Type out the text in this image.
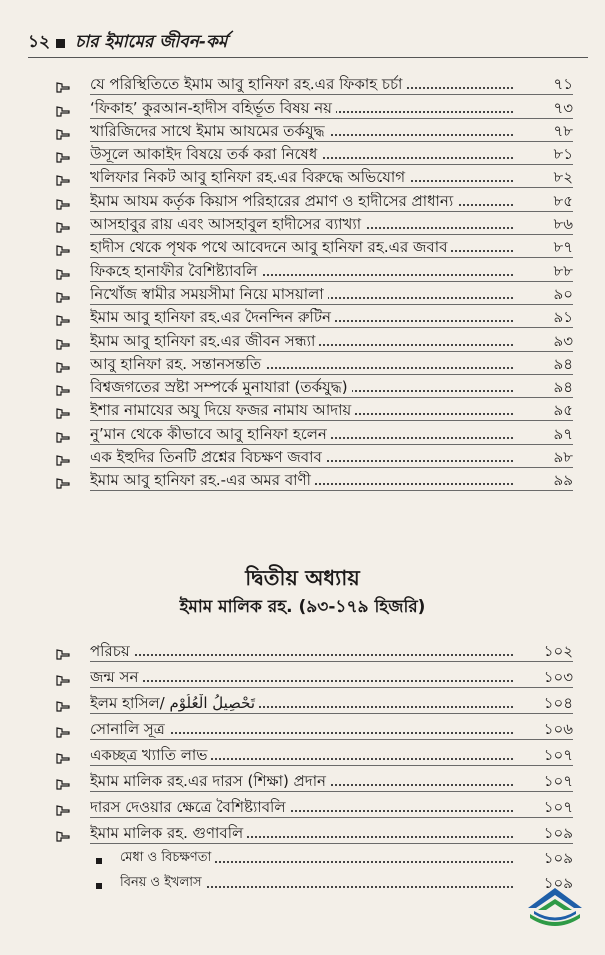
১২ চার ইমামের জীবন-কর্ম
যে পরিস্থিতিতে ইমাম আবু হানিফা রহ.এর ফিকাহ চর্চা	৭১
‘ফিকাহ’ কুরআন-হাদীস বহির্ভূত বিষয় নয়	৭৩
খারিজিদের সাথে ইমাম আযমের তর্কযুদ্ধ	৭৮
উসূলে আকাইদ বিষয়ে তর্ক করা নিষেধ	৮১
খলিফার নিকট আবু হানিফা রহ.এর বিরুদ্ধে অভিযোগ	৮২
ইমাম আযম কর্তৃক কিয়াস পরিহারের প্রমাণ ও হাদীসের প্রাধান্য	৮৫
আসহাবুর রায় এবং আসহাবুল হাদীসের ব্যাখ্যা	৮৬
হাদীস থেকে পৃথক পথে আবেদনে আবু হানিফা রহ.এর জবাব	৮৭
ফিকহে হানাফীর বৈশিষ্ট্যাবলি	৮৮
নিখোঁজ স্বামীর সময়সীমা নিয়ে মাসয়ালা	৯০
ইমাম আবু হানিফা রহ.এর দৈনন্দিন রুটিন	৯১
ইমাম আবু হানিফা রহ.এর জীবন সন্ধ্যা	৯৩
আবু হানিফা রহ. সন্তানসন্ততি	৯৪
বিশ্বজগতের স্রষ্টা সম্পর্কে মুনাযারা (তর্কযুদ্ধ)	৯৪
ইশার নামাযের অযু দিয়ে ফজর নামায আদায়	৯৫
নু’মান থেকে কীভাবে আবু হানিফা হলেন	৯৭
এক ইহুদির তিনটি প্রশ্নের বিচক্ষণ জবাব	৯৮
ইমাম আবু হানিফা রহ.-এর অমর বাণী	৯৯
দ্বিতীয় অধ্যায়
ইমাম মালিক রহ. (৯৩-১৭৯ হিজরি)
পরিচয়	১০২
জন্ম সন	১০৩
ইলম হাসিল/ تَحْصِيلُ الْعُلُوْمِ	১০৪
সোনালি সূত্র	১০৬
একচ্ছত্র খ্যাতি লাভ	১০৭
ইমাম মালিক রহ.এর দারস (শিক্ষা) প্রদান	১০৭
দারস দেওয়ার ক্ষেত্রে বৈশিষ্ট্যাবলি	১০৭
ইমাম মালিক রহ. গুণাবলি	১০৯
মেধা ও বিচক্ষণতা	১০৯
বিনয় ও ইখলাস	১০৯
